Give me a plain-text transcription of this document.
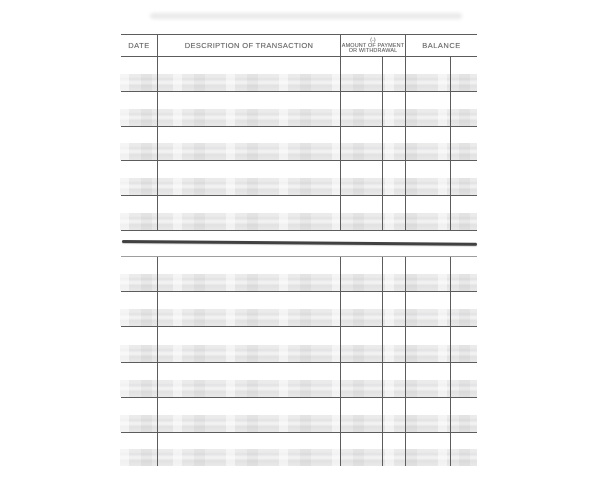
DATE	DESCRIPTION OF TRANSACTION
(-)
AMOUNT OF PAYMENT
OR WITHDRAWAL
BALANCE
